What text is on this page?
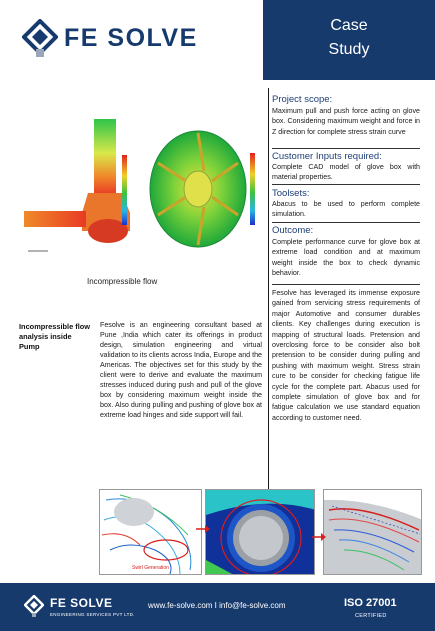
FE SOLVE	Case
Study
Incompressible flow
Incompressible flow analysis inside Pump
Fesolve is an engineering consultant based at Pune ,India which cater its offerings in product design, simulation engineering and virtual validation to its clients across India, Europe and the Americas. The objectives set for this study by the client were to derive and evaluate the maximum stresses induced during push and pull of the glove box by considering maximum weight inside the box. Also during pulling and pushing of glove box at extreme load hinges and side support will fail.
Project scope:
Maximum pull and push force acting on glove box. Considering maximum weight and force in Z direction for complete stress strain curve
Customer Inputs required:
Complete CAD model of glove box with material properties.
Toolsets:
Abacus to be used to perform complete simulation.
Outcome:
Complete performance curve for glove box at extreme load condition and at maximum weight inside the box to check dynamic behavior.
Fesolve has leveraged its immense exposure gained from servicing stress requirements of major Automotive and consumer durables clients. Key challenges during execution is mapping of structural loads. Pretension and overclosing force to be consider also bolt pretension to be consider during pulling and pushing with maximum weight. Stress strain cure to be consider for checking fatigue life cycle for the complete part. Abacus used for complete simulation of glove box and for fatigue calculation we use standard equation according to customer need.
Swirl Generation
FE SOLVE
ENGINEERING SERVICES PVT LTD.
www.fe-solve.com I info@fe-solve.com	ISO 27001
CERTIFIED
